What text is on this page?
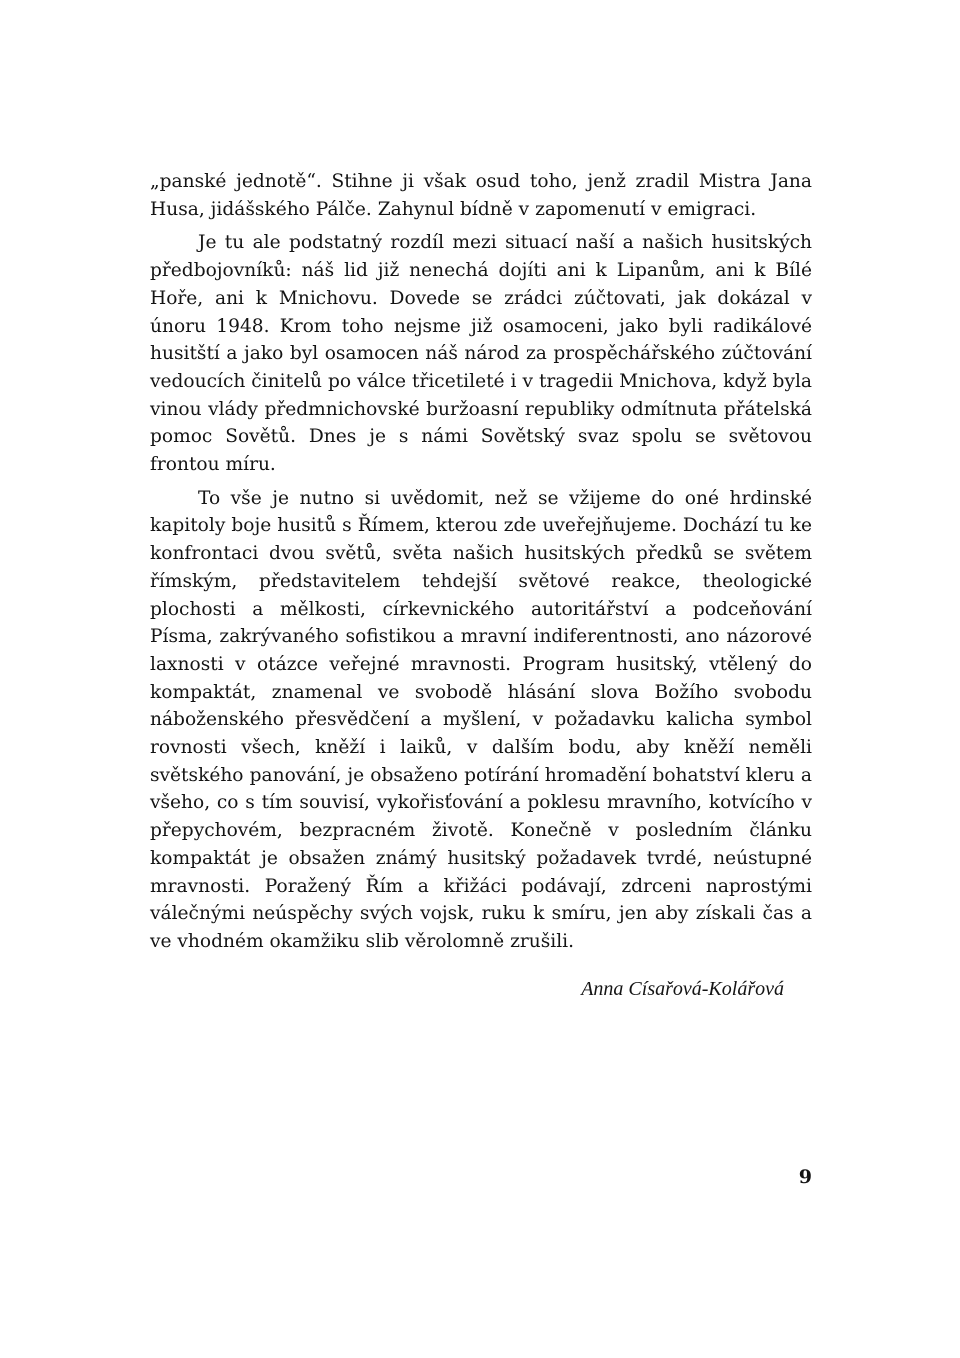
„panské jednotě“. Stihne ji však osud toho, jenž zradil Mistra Jana Husa, jidášského Pálče. Zahynul bídně v zapomenutí v emigraci.

Je tu ale podstatný rozdíl mezi situací naší a našich husitských předbojovníků: náš lid již nenechá dojíti ani k Lipanům, ani k Bílé Hoře, ani k Mnichovu. Dovede se zrádci zúčtovati, jak dokázal v únoru 1948. Krom toho nejsme již osamoceni, jako byli radikálové husitští a jako byl osamocen náš národ za prospěchářského zúčtování vedoucích činitelů po válce třicetileté i v tragedii Mnichova, když byla vinou vlády předmnichovské buržoasní republiky odmítnuta přátelská pomoc Sovětů. Dnes je s námi Sovětský svaz spolu se světovou frontou míru.

To vše je nutno si uvědomit, než se vžijeme do oné hrdinské kapitoly boje husitů s Římem, kterou zde uveřejňujeme. Dochází tu ke konfrontaci dvou světů, světa našich husitských předků se světem římským, představitelem tehdejší světové reakce, theologické plochosti a mělkosti, církevnického autoritářství a podceňování Písma, zakrývaného sofistikou a mravní indiferentnosti, ano názorové laxnosti v otázce veřejné mravnosti. Program husitský, vtělený do kompaktát, znamenal ve svobodě hlásání slova Božího svobodu náboženského přesvědčení a myšlení, v požadavku kalicha symbol rovnosti všech, kněží i laiků, v dalším bodu, aby kněží neměli světského panování, je obsaženo potírání hromadění bohatství kleru a všeho, co s tím souvisí, vykořisťování a poklesu mravního, kotvícího v přepychovém, bezpracném životě. Konečně v posledním článku kompaktát je obsažen známý husitský požadavek tvrdé, neústupné mravnosti. Poražený Řím a křižáci podávají, zdrceni naprostými válečnými neúspěchy svých vojsk, ruku k smíru, jen aby získali čas a ve vhodném okamžiku slib věrolomně zrušili.

Anna Císařová-Kolářová

9
